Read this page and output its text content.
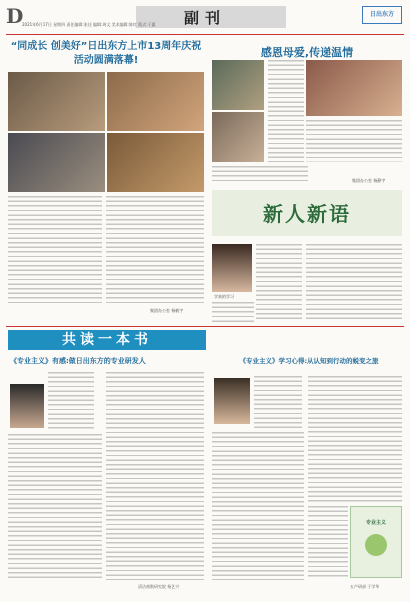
D	副刊
2021年6月17日 星期四 责任编辑:张佳 编辑:周文 美术编辑:陈红 版式:于惠
日出东方
“同成长 创美好”日出东方上市13周年庆祝活动圆满落幕!
集团办公室 杨帆宇
感恩母爱,传递温情
集团办公室 杨静宇
新人新语
学真的学习
共读一本书
《专业主义》有感:做日出东方的专业研发人	《专业主义》学习心得:从认知到行动的蜕变之旅
专业主义
清洁商数研究院 杨艺兴	五产研部 于学华
